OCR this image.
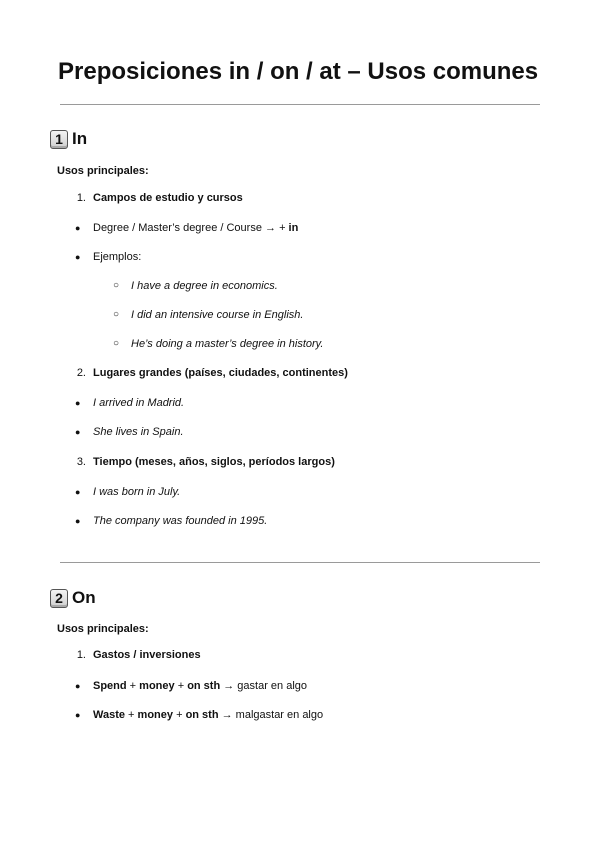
Preposiciones in / on / at – Usos comunes
1 In
Usos principales:
1. Campos de estudio y cursos
● Degree / Master’s degree / Course → + in
● Ejemplos:
○ I have a degree in economics.
○ I did an intensive course in English.
○ He’s doing a master’s degree in history.
2. Lugares grandes (países, ciudades, continentes)
● I arrived in Madrid.
● She lives in Spain.
3. Tiempo (meses, años, siglos, períodos largos)
● I was born in July.
● The company was founded in 1995.
2 On
Usos principales:
1. Gastos / inversiones
● Spend + money + on sth → gastar en algo
● Waste + money + on sth → malgastar en algo
